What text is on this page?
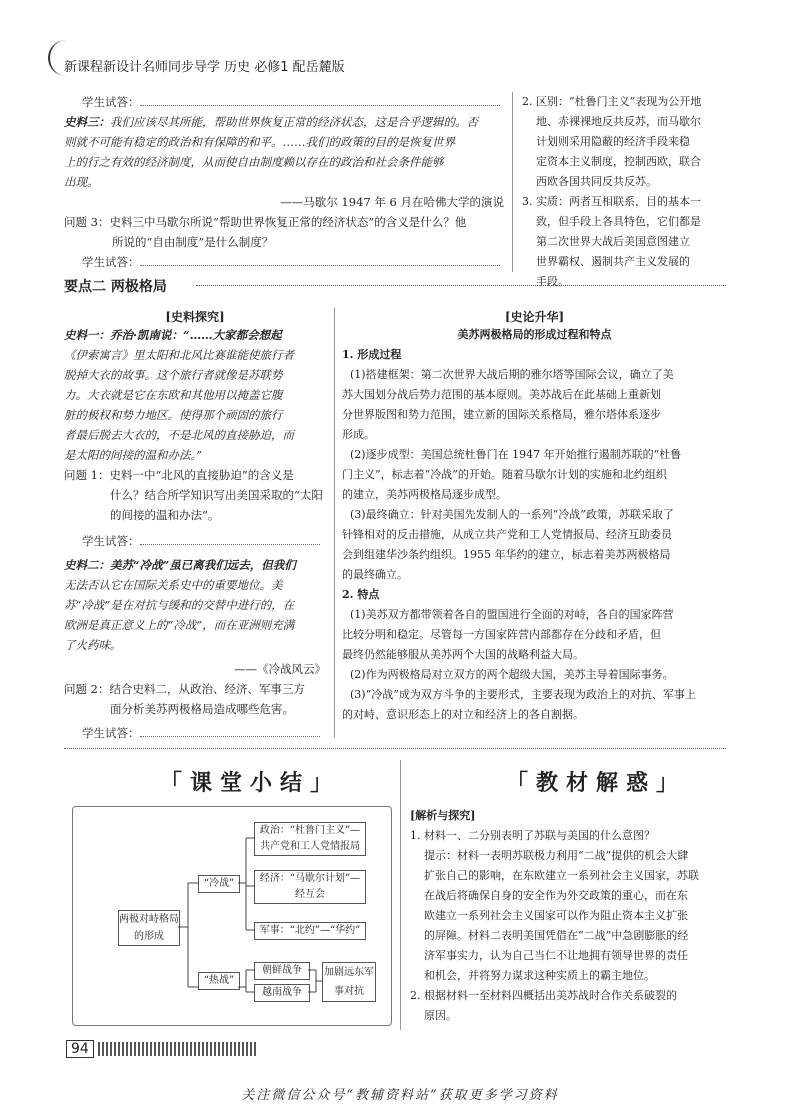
新课程新设计名师同步导学 历史 必修1 配岳麓版
学生试答：
史料三：我们应该尽其所能，帮助世界恢复正常的经济状态，这是合乎逻辑的。否
则就不可能有稳定的政治和有保障的和平。……我们的政策的目的是恢复世界
上的行之有效的经济制度，从而使自由制度赖以存在的政治和社会条件能够
出现。
——马歇尔 1947 年 6 月在哈佛大学的演说
问题 3：史料三中马歇尔所说“帮助世界恢复正常的经济状态”的含义是什么？他
所说的“自由制度”是什么制度？
学生试答：
2. 区别：“杜鲁门主义”表现为公开地
地、赤裸裸地反共反苏，而马歇尔
计划则采用隐蔽的经济手段来稳
定资本主义制度，控制西欧，联合
西欧各国共同反共反苏。
3. 实质：两者互相联系，目的基本一
致，但手段上各具特色，它们都是
第二次世界大战后美国意图建立
世界霸权、遏制共产主义发展的
手段。
要点二 两极格局
[史料探究]
史料一：乔治·凯南说：“……大家都会想起
《伊索寓言》里太阳和北风比赛谁能使旅行者
脱掉大衣的故事。这个旅行者就像是苏联势
力。大衣就是它在东欧和其他用以掩盖它腹
脏的极权和势力地区。使得那个顽固的旅行
者最后脱去大衣的，不是北风的直接胁迫，而
是太阳的间接的温和办法。”
问题 1：史料一中“北风的直接胁迫”的含义是
什么？结合所学知识写出美国采取的“太阳
的间接的温和办法”。
学生试答：
史料二：美苏“冷战”虽已离我们远去，但我们
无法否认它在国际关系史中的重要地位。美
苏“冷战”是在对抗与缓和的交替中进行的，在
欧洲是真正意义上的“冷战”，而在亚洲则充满
了火药味。
——《冷战风云》
问题 2：结合史料二，从政治、经济、军事三方
面分析美苏两极格局造成哪些危害。
学生试答：
[史论升华]
美苏两极格局的形成过程和特点
1. 形成过程
(1)搭建框架：第二次世界大战后期的雅尔塔等国际会议，确立了美
苏大国划分战后势力范围的基本原则。美苏战后在此基础上重新划
分世界版图和势力范围，建立新的国际关系格局，雅尔塔体系逐步
形成。
(2)逐步成型：美国总统杜鲁门在 1947 年开始推行遏制苏联的“杜鲁
门主义”，标志着“冷战”的开始。随着马歇尔计划的实施和北约组织
的建立，美苏两极格局逐步成型。
(3)最终确立：针对美国先发制人的一系列“冷战”政策，苏联采取了
针锋相对的反击措施，从成立共产党和工人党情报局、经济互助委员
会到组建华沙条约组织。1955 年华约的建立，标志着美苏两极格局
的最终确立。
2. 特点
(1)美苏双方都带领着各自的盟国进行全面的对峙，各自的国家阵营
比较分明和稳定。尽管每一方国家阵营内部都存在分歧和矛盾，但
最终仍然能够服从美苏两个大国的战略利益大局。
(2)作为两极格局对立双方的两个超级大国，美苏主导着国际事务。
(3)“冷战”成为双方斗争的主要形式，主要表现为政治上的对抗、军事上
的对峙、意识形态上的对立和经济上的各自割据。
「课堂小结」
两极对峙格局的形成
“冷战”
“热战”
政治：“杜鲁门主义”—共产党和工人党情报局
经济：“马歇尔计划”—经互会
军事：“北约”—“华约”
朝鲜战争
越南战争
加剧远东军事对抗
「教材解惑」
[解析与探究]
1. 材料一、二分别表明了苏联与美国的什么意图？
提示：材料一表明苏联极力利用“二战”提供的机会大肆
扩张自己的影响，在东欧建立一系列社会主义国家，苏联
在战后将确保自身的安全作为外交政策的重心，而在东
欧建立一系列社会主义国家可以作为阻止资本主义扩张
的屏障。材料二表明美国凭借在“二战”中急剧膨胀的经
济军事实力，认为自己当仁不让地拥有领导世界的责任
和机会，并将努力谋求这种实质上的霸主地位。
2. 根据材料一至材料四概括出美苏战时合作关系破裂的
原因。
94
关注微信公众号“教辅资料站”获取更多学习资料
